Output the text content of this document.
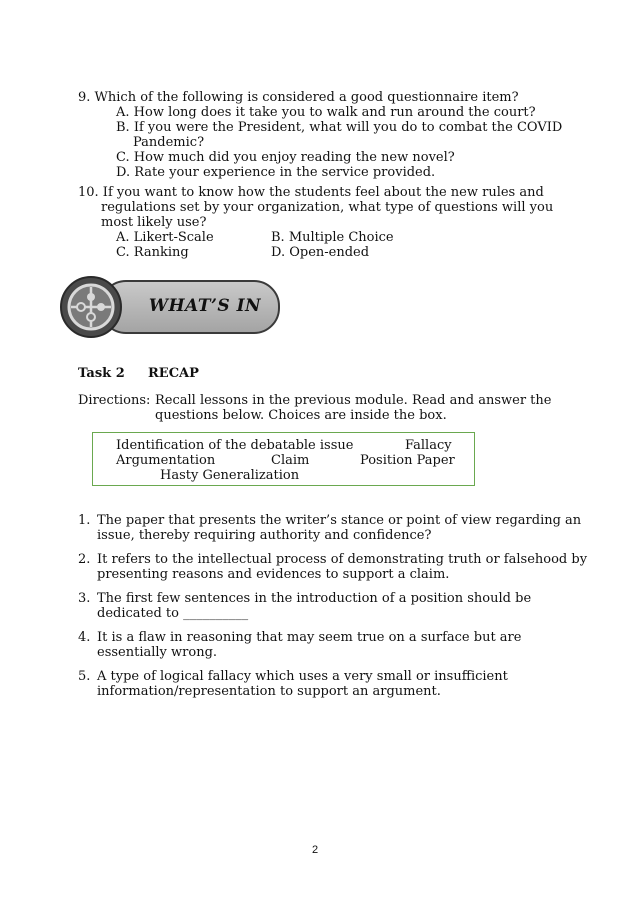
9. Which of the following is considered a good questionnaire item?
A. How long does it take you to walk and run around the court?
B. If you were the President, what will you do to combat the COVID
Pandemic?
C. How much did you enjoy reading the new novel?
D. Rate your experience in the service provided.
10. If you want to know how the students feel about the new rules and
regulations set by your organization, what type of questions will you
most likely use?
A. Likert-Scale	B. Multiple Choice
C. Ranking	D. Open-ended
WHAT’S IN
Task 2 RECAP
Directions: Recall lessons in the previous module. Read and answer the
questions below. Choices are inside the box.
Identification of the debatable issue	Fallacy
Argumentation	Claim	Position Paper
Hasty Generalization
1. The paper that presents the writer’s stance or point of view regarding an
issue, thereby requiring authority and confidence?
2. It refers to the intellectual process of demonstrating truth or falsehood by
presenting reasons and evidences to support a claim.
3. The first few sentences in the introduction of a position should be
dedicated to __________
4. It is a flaw in reasoning that may seem true on a surface but are
essentially wrong.
5. A type of logical fallacy which uses a very small or insufficient
information/representation to support an argument.
2
